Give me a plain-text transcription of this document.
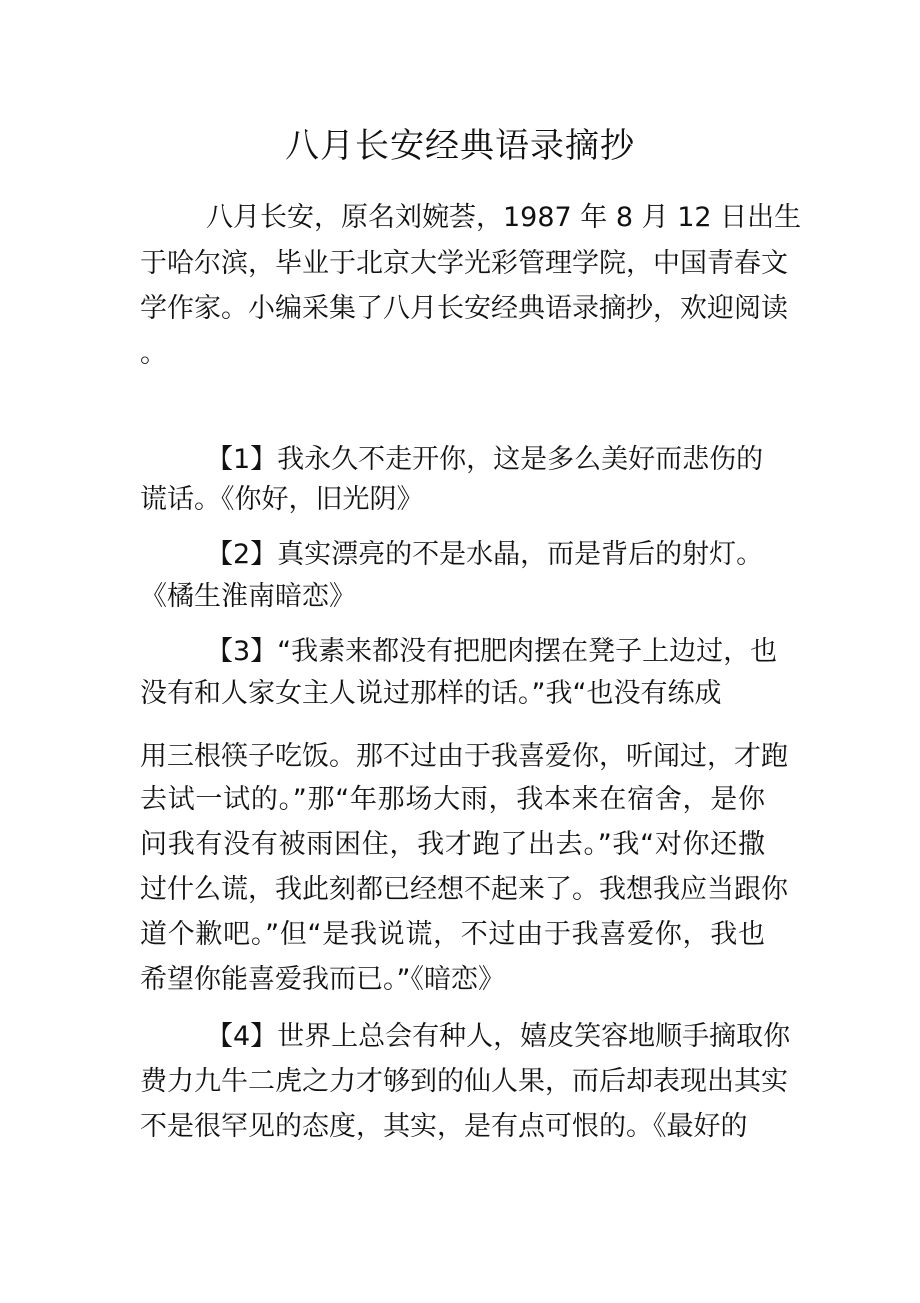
八月长安经典语录摘抄
八月长安，原名刘婉荟，1987 年 8 月 12 日出生
于哈尔滨，毕业于北京大学光彩管理学院，中国青春文
学作家。小编采集了八月长安经典语录摘抄，欢迎阅读
。
【1】我永久不走开你，这是多么美好而悲伤的
谎话。《你好，旧光阴》
【2】真实漂亮的不是水晶，而是背后的射灯。
《橘生淮南暗恋》
【3】“我素来都没有把肥肉摆在凳子上边过，也
没有和人家女主人说过那样的话。”我“也没有练成
用三根筷子吃饭。那不过由于我喜爱你，听闻过，才跑
去试一试的。”那“年那场大雨，我本来在宿舍，是你
问我有没有被雨困住，我才跑了出去。”我“对你还撒
过什么谎，我此刻都已经想不起来了。我想我应当跟你
道个歉吧。”但“是我说谎，不过由于我喜爱你，我也
希望你能喜爱我而已。”《暗恋》
【4】世界上总会有种人，嬉皮笑容地顺手摘取你
费力九牛二虎之力才够到的仙人果，而后却表现出其实
不是很罕见的态度，其实，是有点可恨的。《最好的
